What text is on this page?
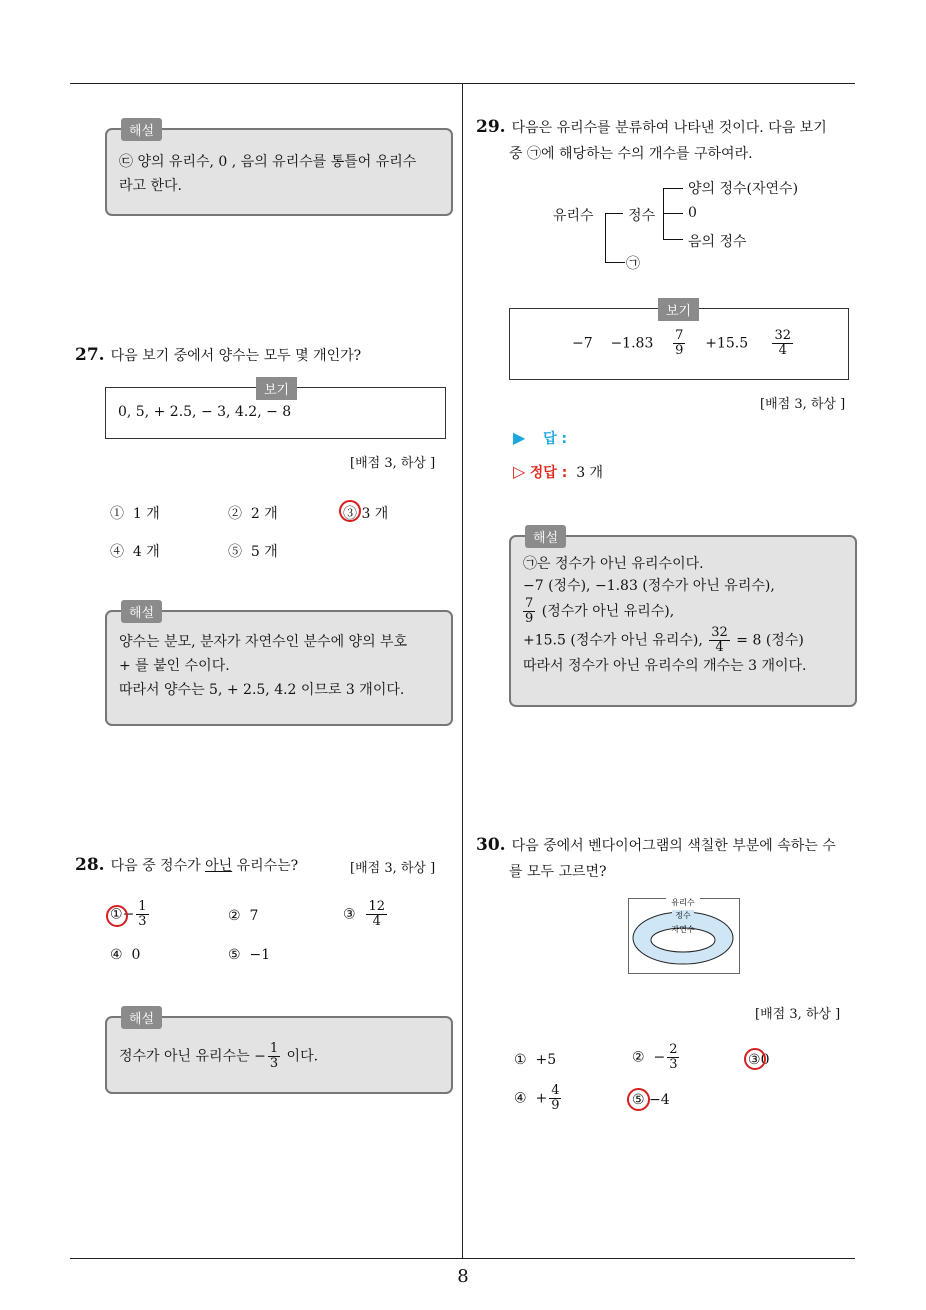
8
해설
㉢ 양의 유리수, 0 , 음의 유리수를 통틀어 유리수
라고 한다.
27. 다음 보기 중에서 양수는 모두 몇 개인가?
보기
0, 5, + 2.5, − 3, 4.2, − 8
[배점 3, 하상 ]
① 1 개	② 2 개	③ 3 개
④ 4 개	⑤ 5 개
해설
양수는 분모, 분자가 자연수인 분수에 양의 부호
+ 를 붙인 수이다.
따라서 양수는 5, + 2.5, 4.2 이므로 3 개이다.
28. 다음 중 정수가 아닌 유리수는?	[배점 3, 하상 ]
①− $\frac{1}{3}$	② 7	③ $\frac{12}{4}$
④ 0	⑤ −1
해설
정수가 아닌 유리수는 − $\frac{1}{3}$ 이다.
29. 다음은 유리수를 분류하여 나타낸 것이다. 다음 보기
중 ㉠에 해당하는 수의 개수를 구하여라.
유리수 정수
양의 정수(자연수)
0
음의 정수
㉠
보기
$-7 -1.83 \frac{7}{9} +15.5 \frac{32}{4}$
[배점 3, 하상 ]
▶ 답 :
▷ 정답 : 3 개
해설
㉠은 정수가 아닌 유리수이다.
−7 (정수), −1.83 (정수가 아닌 유리수),
$\frac{7}{9}$ (정수가 아닌 유리수),
+15.5 (정수가 아닌 유리수), $\frac{32}{4} = 8$ (정수)
따라서 정수가 아닌 유리수의 개수는 3 개이다.
30. 다음 중에서 벤다이어그램의 색칠한 부분에 속하는 수
를 모두 고르면?
유리수
정수
자연수
[배점 3, 하상 ]
① +5	② − $\frac{2}{3}$	③0
④ + $\frac{4}{9}$	⑤ −4
